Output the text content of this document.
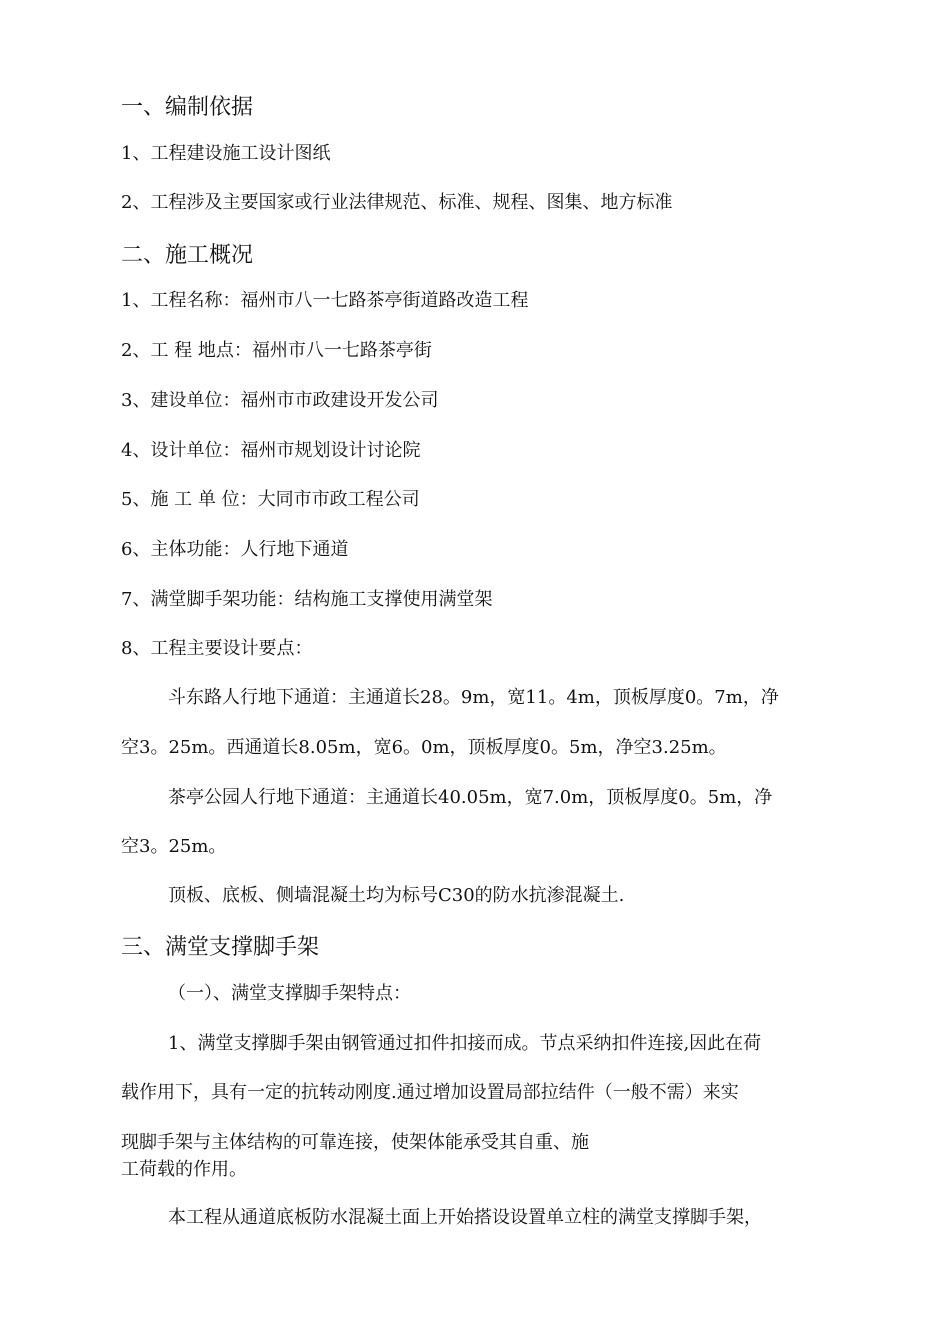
一、编制依据
1、工程建设施工设计图纸
2、工程涉及主要国家或行业法律规范、标准、规程、图集、地方标准
二、施工概况
1、工程名称：福州市八一七路茶亭街道路改造工程
2、工 程 地点：福州市八一七路茶亭街
3、建设单位：福州市市政建设开发公司
4、设计单位：福州市规划设计讨论院
5、施 工 单 位：大同市市政工程公司
6、主体功能：人行地下通道
7、满堂脚手架功能：结构施工支撑使用满堂架
8、工程主要设计要点：
斗东路人行地下通道：主通道长28。9m，宽11。4m，顶板厚度0。7m，净
空3。25m。西通道长8.05m，宽6。0m，顶板厚度0。5m，净空3.25m。
茶亭公园人行地下通道：主通道长40.05m，宽7.0m，顶板厚度0。5m，净
空3。25m。
顶板、底板、侧墙混凝土均为标号C30的防水抗渗混凝土.
三、满堂支撑脚手架
（一）、满堂支撑脚手架特点：
1、满堂支撑脚手架由钢管通过扣件扣接而成。节点采纳扣件连接,因此在荷
载作用下，具有一定的抗转动刚度.通过增加设置局部拉结件（一般不需）来实
现脚手架与主体结构的可靠连接，使架体能承受其自重、施
工荷载的作用。
本工程从通道底板防水混凝土面上开始搭设设置单立柱的满堂支撑脚手架，
